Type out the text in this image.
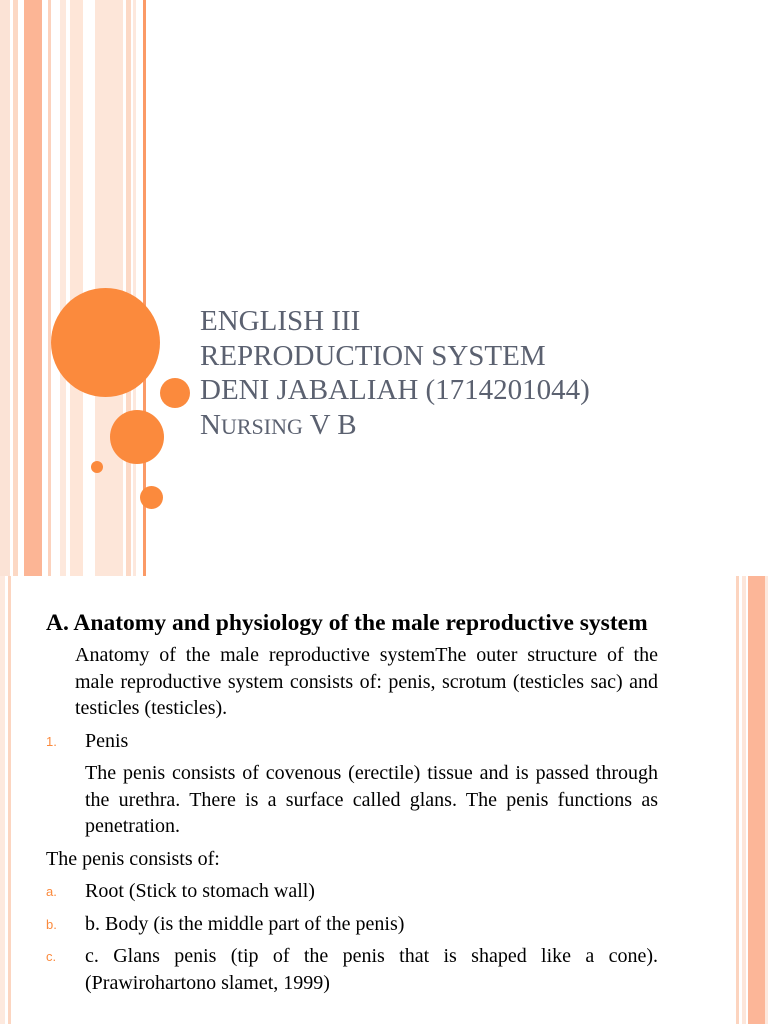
ENGLISH III
REPRODUCTION SYSTEM
DENI JABALIAH (1714201044)
NURSING V B
A. Anatomy and physiology of the male reproductive system
Anatomy of the male reproductive systemThe outer structure of the male reproductive system consists of: penis, scrotum (testicles sac) and testicles (testicles).
1. Penis
The penis consists of covenous (erectile) tissue and is passed through the urethra. There is a surface called glans. The penis functions as penetration.
The penis consists of:
a. Root (Stick to stomach wall)
b. b. Body (is the middle part of the penis)
c. c. Glans penis (tip of the penis that is shaped like a cone). (Prawirohartono slamet, 1999)
